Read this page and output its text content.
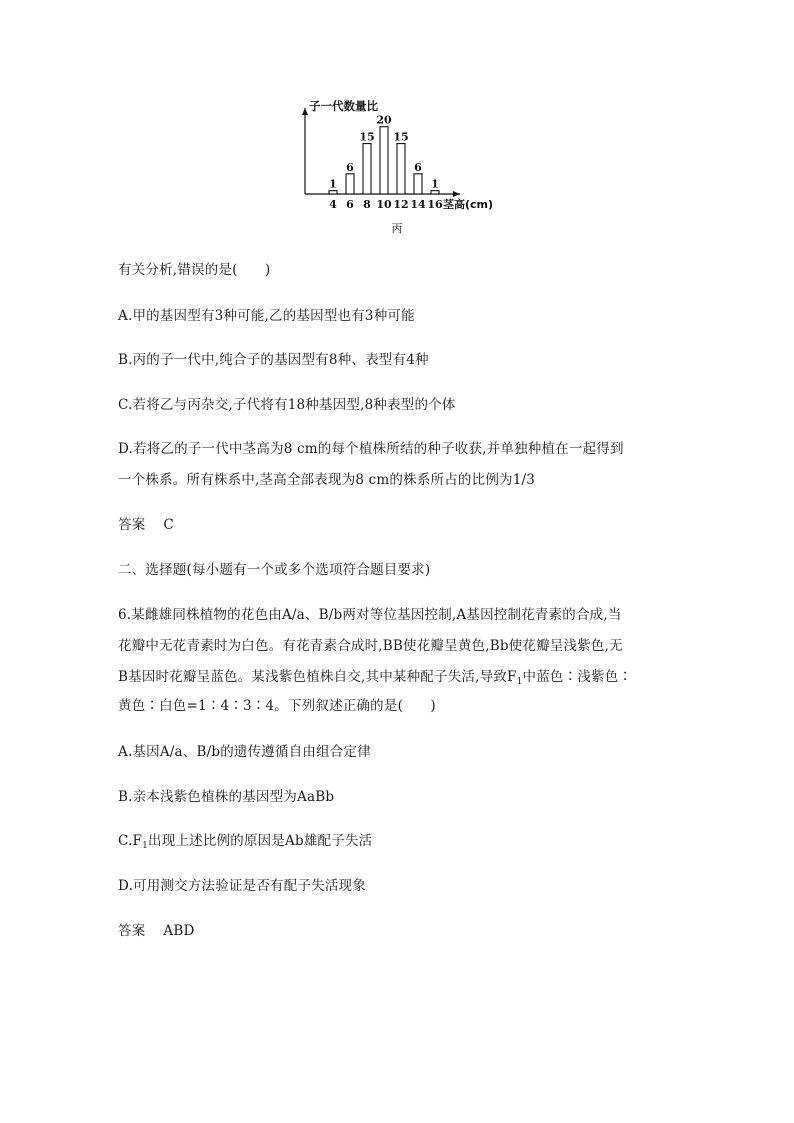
子一代数量比
1
4
6
6
15
8
20
10
15
12
6
14
1
16 茎高(cm)
丙
有关分析,错误的是(　　)
A.甲的基因型有3种可能,乙的基因型也有3种可能
B.丙的子一代中,纯合子的基因型有8种、表型有4种
C.若将乙与丙杂交,子代将有18种基因型,8种表型的个体
D.若将乙的子一代中茎高为8 cm的每个植株所结的种子收获,并单独种植在一起得到
一个株系。所有株系中,茎高全部表现为8 cm的株系所占的比例为1/3
答案 C
二、选择题(每小题有一个或多个选项符合题目要求)
6.某雌雄同株植物的花色由A/a、B/b两对等位基因控制,A基因控制花青素的合成,当
花瓣中无花青素时为白色。有花青素合成时,BB使花瓣呈黄色,Bb使花瓣呈浅紫色,无
B基因时花瓣呈蓝色。某浅紫色植株自交,其中某种配子失活,导致$F_1$中蓝色∶浅紫色∶
黄色∶白色=1∶4∶3∶4。下列叙述正确的是(　　)
A.基因A/a、B/b的遗传遵循自由组合定律
B.亲本浅紫色植株的基因型为AaBb
$C.F_1$出现上述比例的原因是Ab雄配子失活
D.可用测交方法验证是否有配子失活现象
答案 ABD
